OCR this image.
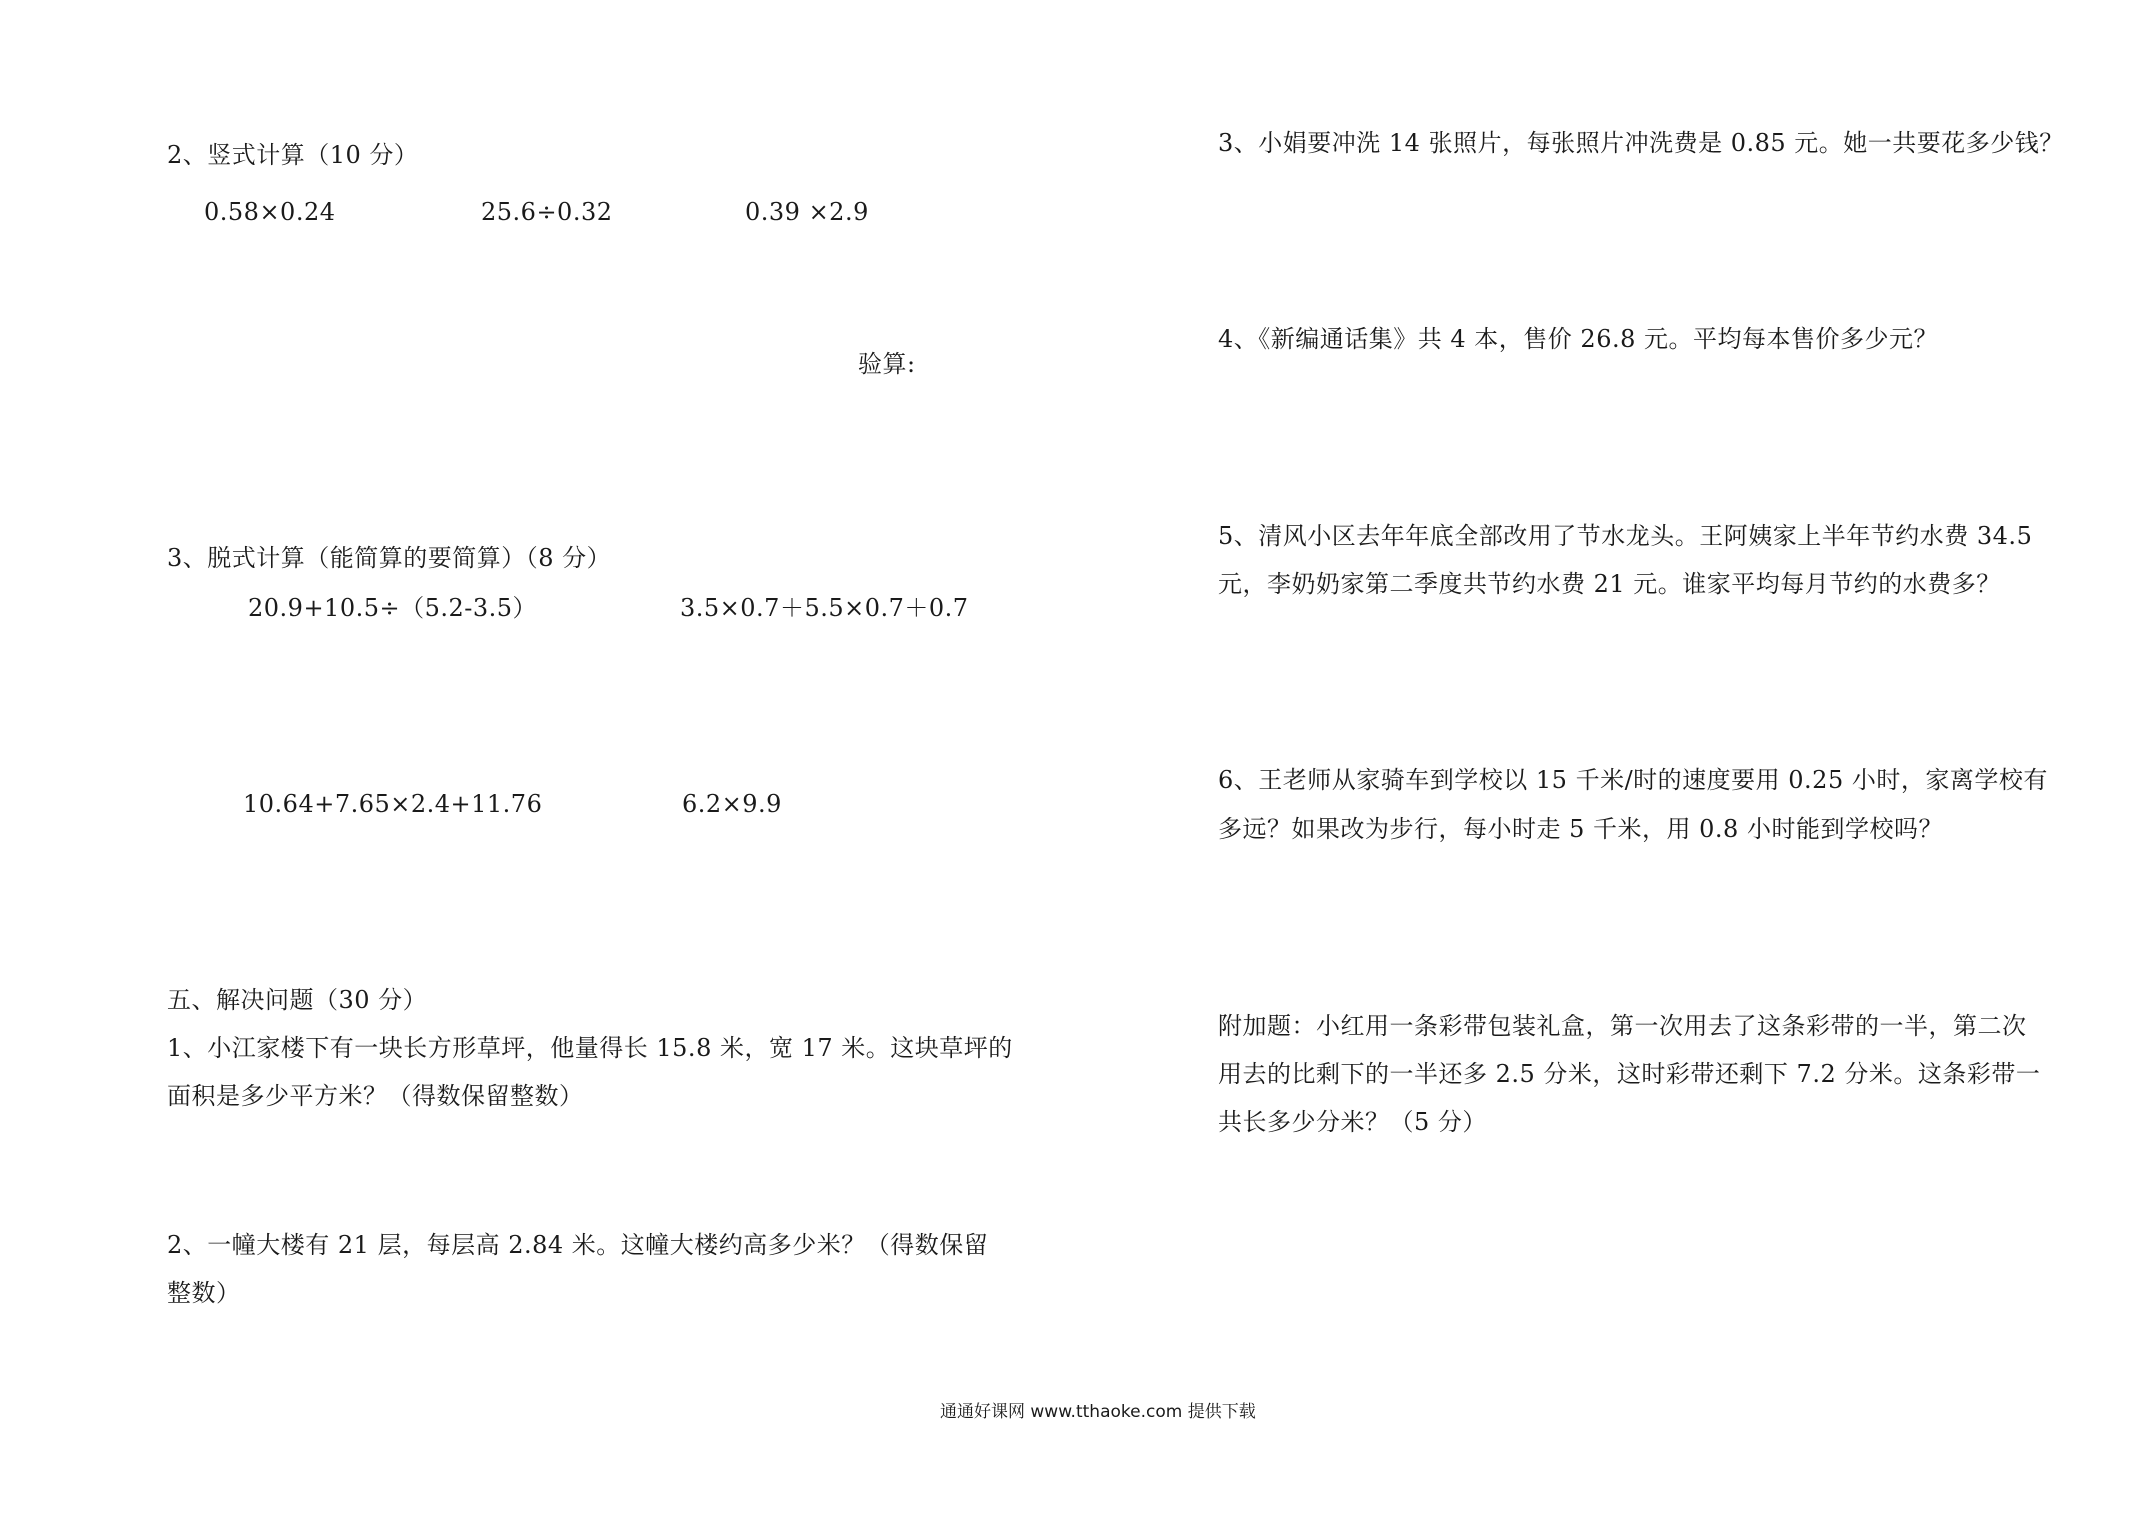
2、竖式计算（10 分）
0.58×0.24	25.6÷0.32	0.39 ×2.9
验算:
3、脱式计算（能简算的要简算）（8 分）
20.9+10.5÷（5.2-3.5）	3.5×0.7＋5.5×0.7＋0.7
10.64+7.65×2.4+11.76	6.2×9.9
五、解决问题（30 分）
1、小江家楼下有一块长方形草坪，他量得长 15.8 米，宽 17 米。这块草坪的
面积是多少平方米？（得数保留整数）
2、一幢大楼有 21 层，每层高 2.84 米。这幢大楼约高多少米？（得数保留
整数）
3、小娟要冲洗 14 张照片，每张照片冲洗费是 0.85 元。她一共要花多少钱？
4、《新编通话集》共 4 本，售价 26.8 元。平均每本售价多少元？
5、清风小区去年年底全部改用了节水龙头。王阿姨家上半年节约水费 34.5
元，李奶奶家第二季度共节约水费 21 元。谁家平均每月节约的水费多？
6、王老师从家骑车到学校以 15 千米/时的速度要用 0.25 小时，家离学校有
多远？如果改为步行，每小时走 5 千米，用 0.8 小时能到学校吗？
附加题：小红用一条彩带包装礼盒，第一次用去了这条彩带的一半，第二次
用去的比剩下的一半还多 2.5 分米，这时彩带还剩下 7.2 分米。这条彩带一
共长多少分米？（5 分）
通通好课网 www.tthaoke.com 提供下载
